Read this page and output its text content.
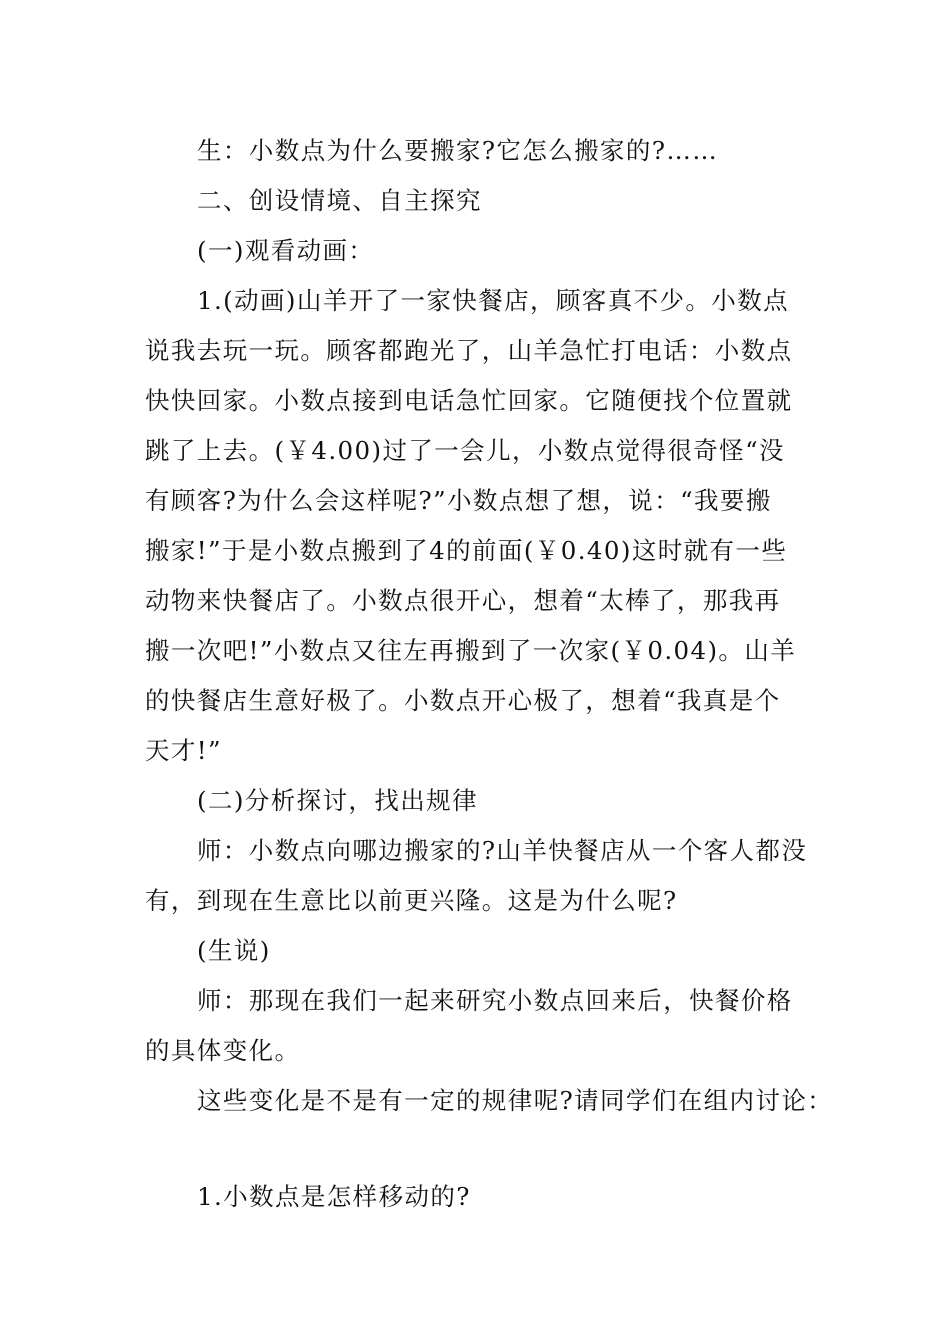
生：小数点为什么要搬家?它怎么搬家的?……
二、创设情境、自主探究
(一)观看动画：
1.(动画)山羊开了一家快餐店，顾客真不少。小数点
说我去玩一玩。顾客都跑光了，山羊急忙打电话：小数点
快快回家。小数点接到电话急忙回家。它随便找个位置就
跳了上去。(￥4.00)过了一会儿，小数点觉得很奇怪“没
有顾客?为什么会这样呢?”小数点想了想，说：“我要搬
搬家!”于是小数点搬到了4的前面(￥0.40)这时就有一些
动物来快餐店了。小数点很开心，想着“太棒了，那我再
搬一次吧!”小数点又往左再搬到了一次家(￥0.04)。山羊
的快餐店生意好极了。小数点开心极了，想着“我真是个
天才!”
(二)分析探讨，找出规律
师：小数点向哪边搬家的?山羊快餐店从一个客人都没
有，到现在生意比以前更兴隆。这是为什么呢?
(生说)
师：那现在我们一起来研究小数点回来后，快餐价格
的具体变化。
这些变化是不是有一定的规律呢?请同学们在组内讨论：
1.小数点是怎样移动的?
